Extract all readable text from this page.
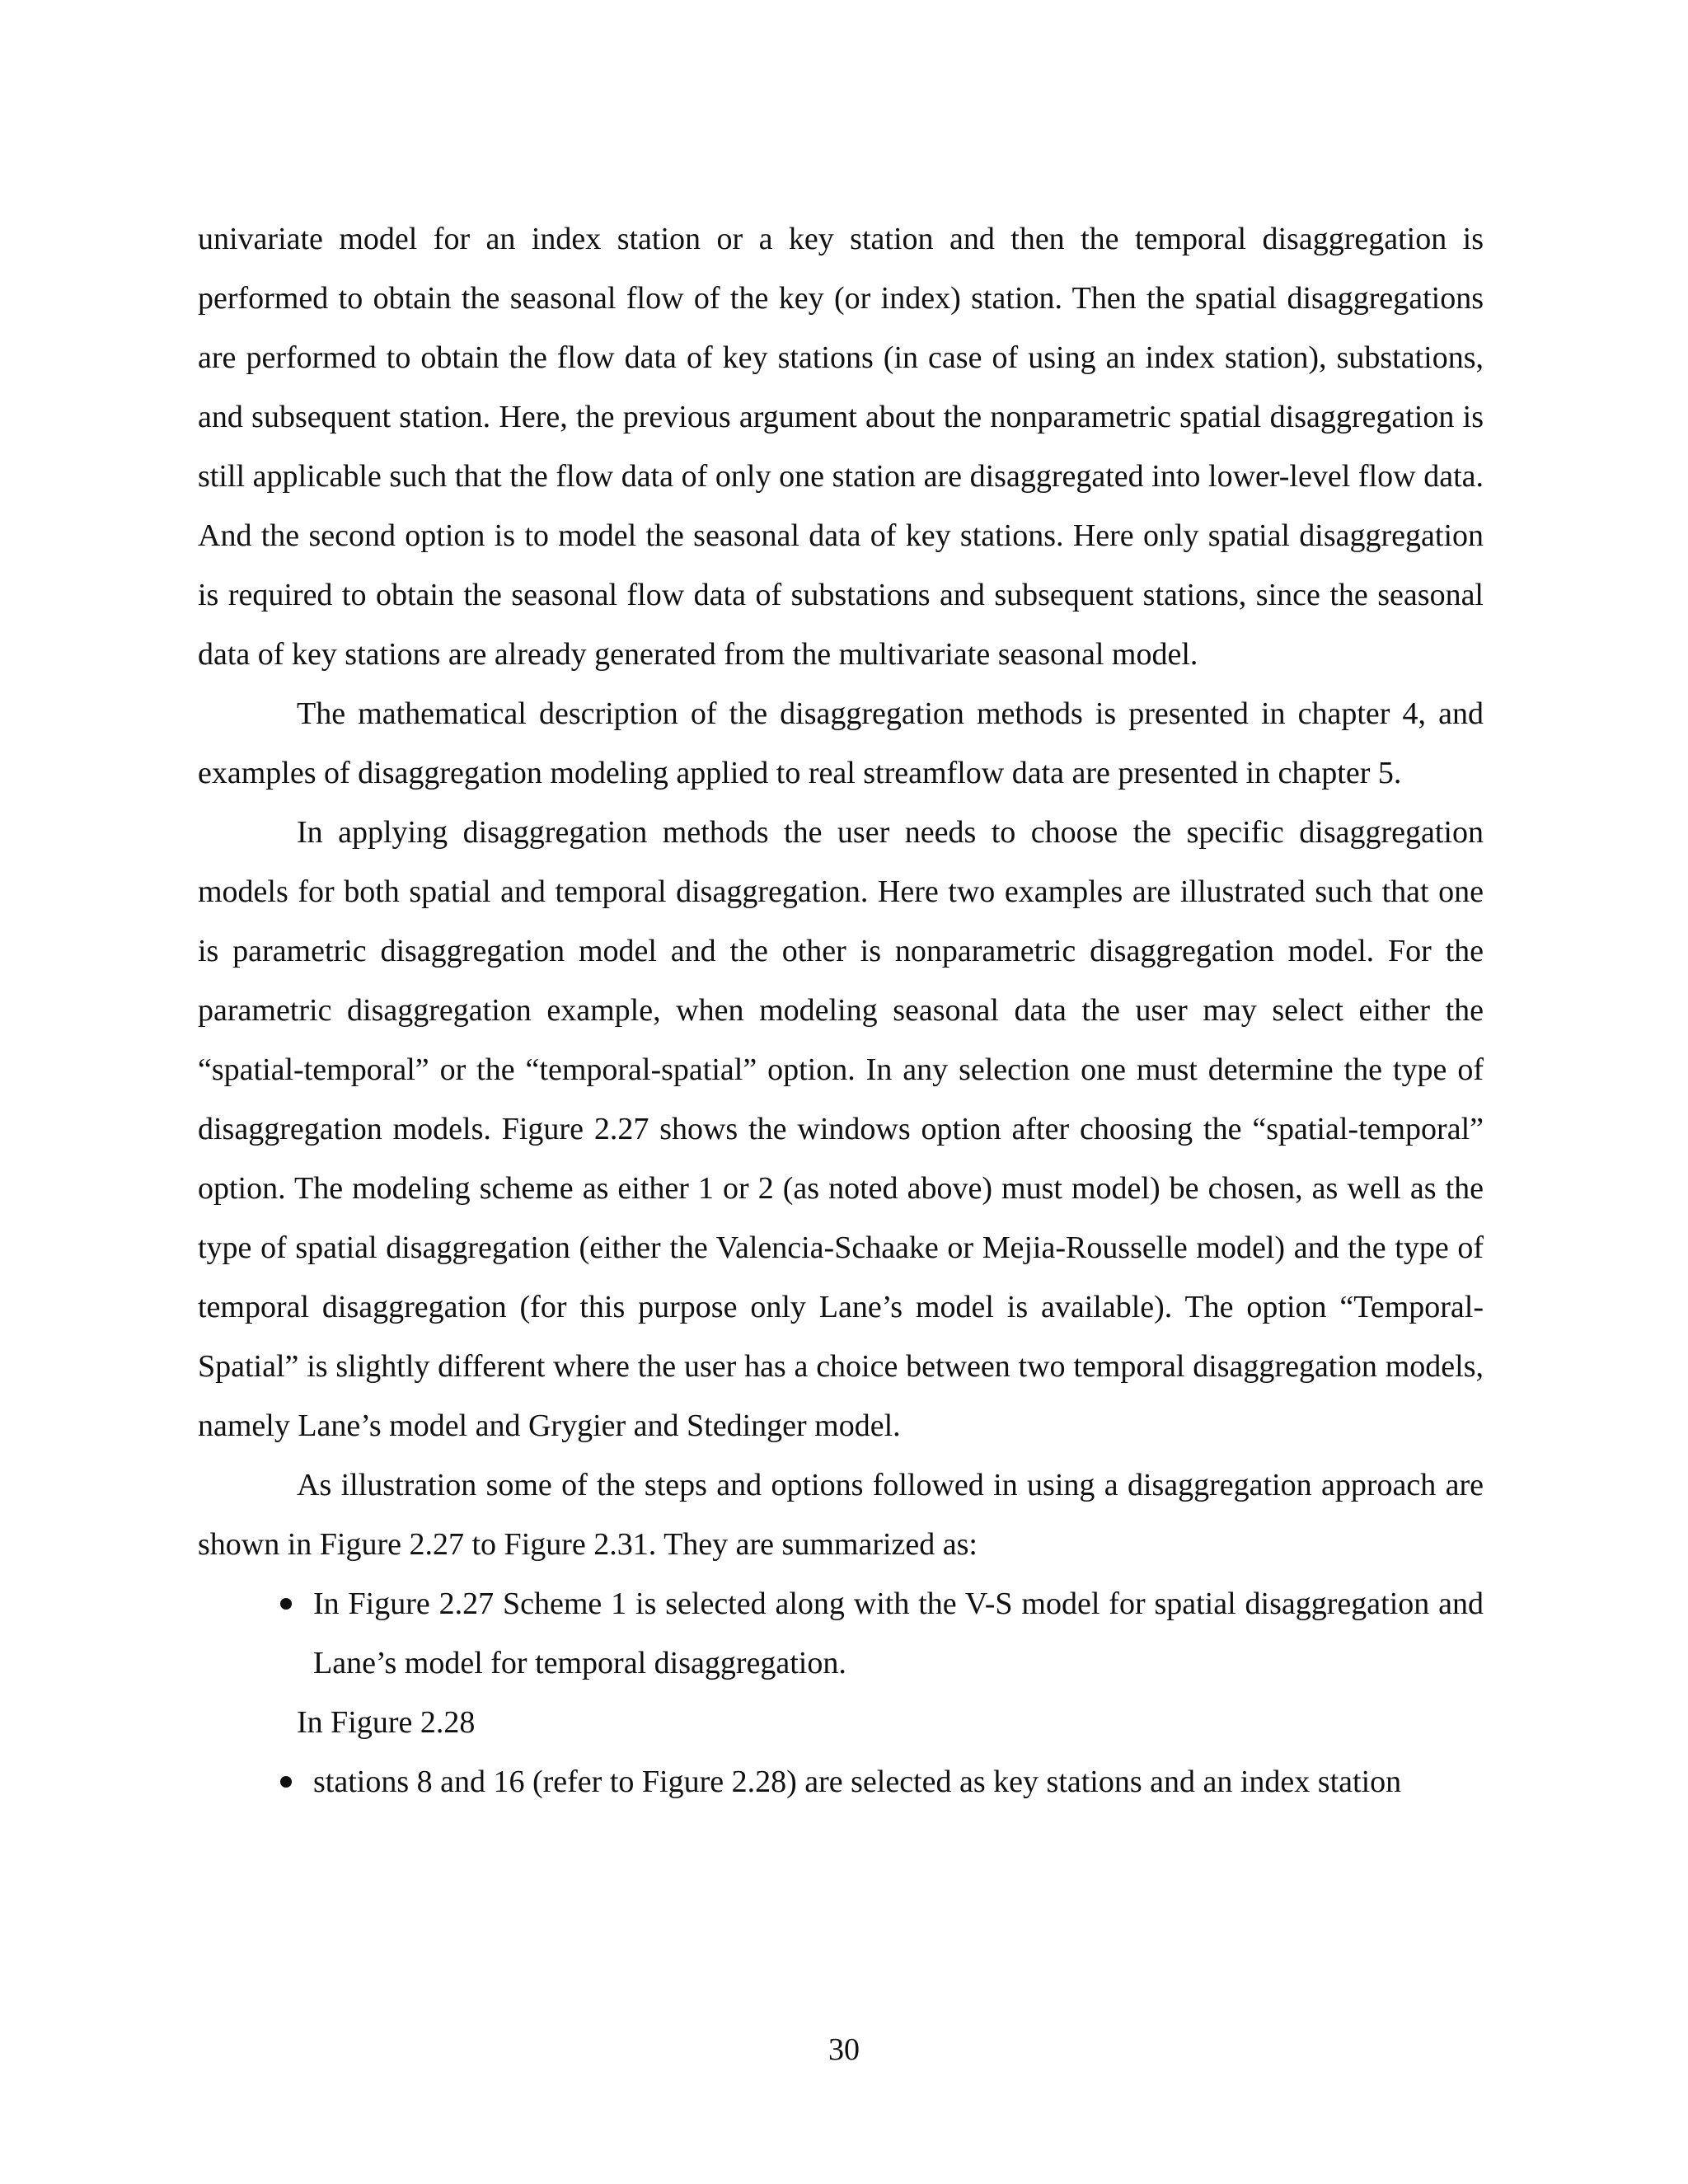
univariate model for an index station or a key station and then the temporal disaggregation is performed to obtain the seasonal flow of the key (or index) station. Then the spatial disaggregations are performed to obtain the flow data of key stations (in case of using an index station), substations, and subsequent station. Here, the previous argument about the nonparametric spatial disaggregation is still applicable such that the flow data of only one station are disaggregated into lower-level flow data. And the second option is to model the seasonal data of key stations. Here only spatial disaggregation is required to obtain the seasonal flow data of substations and subsequent stations, since the seasonal data of key stations are already generated from the multivariate seasonal model.

The mathematical description of the disaggregation methods is presented in chapter 4, and examples of disaggregation modeling applied to real streamflow data are presented in chapter 5.

In applying disaggregation methods the user needs to choose the specific disaggregation models for both spatial and temporal disaggregation. Here two examples are illustrated such that one is parametric disaggregation model and the other is nonparametric disaggregation model. For the parametric disaggregation example, when modeling seasonal data the user may select either the “spatial-temporal” or the “temporal-spatial” option. In any selection one must determine the type of disaggregation models. Figure 2.27 shows the windows option after choosing the “spatial-temporal” option. The modeling scheme as either 1 or 2 (as noted above) must model) be chosen, as well as the type of spatial disaggregation (either the Valencia-Schaake or Mejia-Rousselle model) and the type of temporal disaggregation (for this purpose only Lane’s model is available). The option “Temporal-Spatial” is slightly different where the user has a choice between two temporal disaggregation models, namely Lane’s model and Grygier and Stedinger model.

As illustration some of the steps and options followed in using a disaggregation approach are shown in Figure 2.27 to Figure 2.31. They are summarized as:

In Figure 2.27 Scheme 1 is selected along with the V-S model for spatial disaggregation and Lane’s model for temporal disaggregation.

In Figure 2.28

stations 8 and 16 (refer to Figure 2.28) are selected as key stations and an index station
30
